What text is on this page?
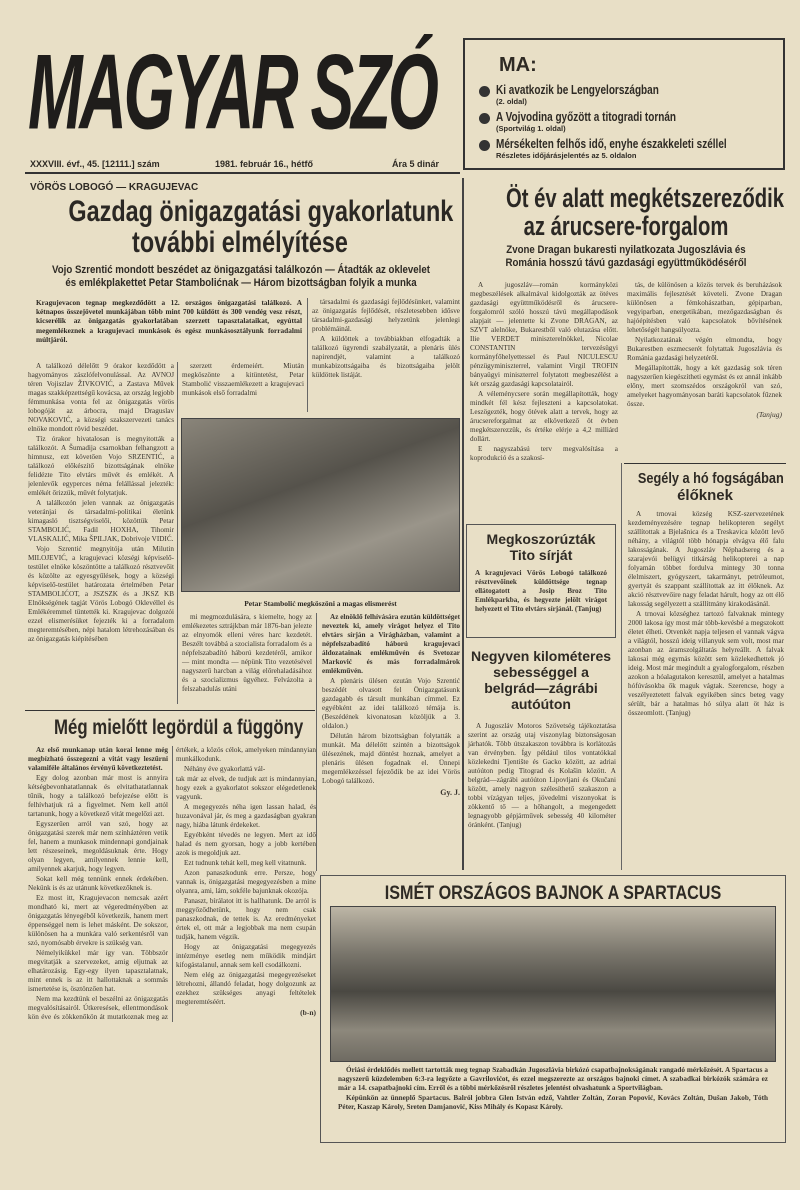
MAGYAR SZÓ	MA:
Ki avatkozik be Lengyelországban
(2. oldal)
A Vojvodina győzött a titogradi tornán
(Sportvilág 1. oldal)
Mérsékelten felhős idő, enyhe északkeleti széllel
Részletes időjárásjelentés az 5. oldalon
XXXVIII. évf., 45. [12111.] szám	1981. február 16., hétfő	Ára 5 dinár
VÖRÖS LOBOGÓ — KRAGUJEVAC
Gazdag önigazgatási gyakorlatunk
további elmélyítése
Vojo Szrentić mondott beszédet az önigazgatási találkozón — Átadták az oklevelet és emlékplakettet Petar Stambolićnak — Három bizottságban folyik a munka
Kragujevacon tegnap megkezdődött a 12. országos önigazgatási találkozó. A kétnapos összejövetel munkájában több mint 700 küldött és 300 vendég vesz részt, kicserélik az önigazgatás gyakorlatában szerzett tapasztalataikat, egyúttal megemlékeznek a kragujevaci munkások és egész munkásosztályunk forradalmi múltjáról.

társadalmi és gazdasági fejlődésünket, valamint az önigazgatás fejlődését, részletesebben idősve társadalmi-gazdasági helyzetünk jelenlegi problémáinál.

A küldöttek a továbbiakban elfogadták a találkozó ügyrendi szabályzatát, a plenáris ülés napirendjét, valamint a találkozó munkabizottságaiba és bizottságaiba jelölt küldöttek listáját.

A találkozó délelőtt 9 órakor kezdődött a hagyományos zászlófelvonulással. Az AVNOJ téren Vojiszlav ŽIVKOVIĆ, a Zastava Művek magas szakképzettségű kovácsa, az ország legjobb fémmunkása vonta fel az önigazgatás vörös lobogóját az árbocra, majd Draguslav NOVAKOVIĆ, a községi szakszervezeti tanács elnöke mondott rövid beszédet.

Tíz órakor hivatalosan is megnyitották a találkozót. A Šumadija csarnokban felhangzott a himnusz, ezt követően Vojo SRZENTIĆ, a találkozó előkészítő bizottságának elnöke felidézte Tito elvtárs művét és emlékét. A jelenlevők egyperces néma felállással jelezték: emlékét őrizzük, művét folytatjuk.

A találkozón jelen vannak az önigazgatás veteránjai és társadalmi-politikai életünk kimagasló tisztségviselői, közöttük Petar STAMBOLIĆ, Fadil HOXHA, Tihomir VLASKALIĆ, Mika ŠPILJAK, Dobrivoje VIDIĆ.

Vojo Szrentić megnyitója után Milutin MILOJEVIĆ, a kragujevaci községi képviselő-testület elnöke köszöntötte a találkozó résztvevőit és közölte az egyesgyűlések, hogy a községi képviselő-testület határozata értelmében Petar STAMBOLIĆOT, a JSZSZK és a JKSZ KB Elnökségének tagját Vörös Lobogó Oklevéllel és Emlékéremmel tüntették ki. Kragujevac dolgozói ezzel elismerésüket fejezték ki a forradalom megteremtésében, népi hatalom létrehozásában és az önigazgatás kiépítésében

szerzett érdemeiért. Miután megköszönte a kitüntetést, Petar Stambolić visszaemlékezett a kragujevaci munkások első forradalmi

Petar Stambolić megköszöni a magas elismerést

mi megmozdulására, s kiemelte, hogy az emlékezetes sztrájkban már 1876-ban jelezte az elnyomók elleni véres harc kezdetét. Beszélt továbbá a szocialista forradalom és a népfelszabadító háború kezdetéről, amikor — mint mondta — népünk Tito vezetésével nagyszerű harcban a világ előrehaladásához és a szocializmus ügyéhez. Felvázolta a felszabadulás utáni

Az elnöklő felhívására ezután küldöttséget neveztek ki, amely virágot helyez el Tito elvtárs sírján a Virágházban, valamint a népfelszabadító háború kragujevaci áldozatainak emlékművén és Svetozar Marković és más forradalmárok emlékművén.

A plenáris ülésen ezután Vojo Szrentić beszédét olvasott fel Önigazgatásunk gazdagabb és társult munkában címmel. Ez egyébként az idei találkozó témája is. (Beszédének kivonatosan közöljük a 3. oldalon.)

Délután három bizottságban folytatták a munkát. Ma délelőtt szintén a bizottságok ülésezének, majd döntést hoznak, amelyet a plenáris ülésen fogadnak el. Ünnepi megemlékezéssel fejeződik be az idei Vörös Lobogó találkozó.

Gy. J.
Öt év alatt megkétszereződik
az árucsere-forgalom
Zvone Dragan bukaresti nyilatkozata Jugoszlávia és Románia hosszú távú gazdasági együttműködéséről

A jugoszláv—román kormányközi megbeszélések alkalmával kidolgozták az ötéves gazdasági együttműködésről és árucsere-forgalomról szóló hosszú távú megállapodások alapjait — jelentette ki Zvone DRAGAN, az SZVT alelnöke, Bukarestből való elutazása előtt. Ilie VERDET miniszterelnökkel, Nicolae CONSTANTIN tervezésügyi kormányfőhelyettessel és Paul NICULESCU pénzügyminiszterrel, valamint Virgil TROFIN bányaügyi miniszterrel folytatott megbeszélést a két ország gazdasági kapcsolatairól.

A véleménycsere során megállapították, hogy mindkét fél kész fejleszteni a kapcsolatokat. Leszögezték, hogy ötévek alatt a tervek, hogy az árucsereforgalmat az elkövetkező öt évben megkétszerezzük, és értéke elérje a 4,2 milliárd dollárt.

E nagyszabású terv megvalósítása a koprodukció és a szakosí-

tás, de különösen a közös tervek és beruházások maximális fejlesztését követeli. Zvone Dragan különösen a fémkohászatban, gépiparban, vegyiparban, energetikában, mezőgazdaságban és hajóépítésben való kapcsolatok bővítésének lehetőségét hangsúlyozta.

Nyilatkozatának végén elmondta, hogy Bukarestben eszmecserét folytattak Jugoszlávia és Románia gazdasági helyzetéről.

Megállapították, hogy a két gazdaság sok téren nagyszerűen kiegészítheti egymást és ez annál inkább előny, mert szomszédos országokról van szó, amelyeket hagyományosan baráti kapcsolatok fűznek össze.

(Tanjug)
Megkoszorúzták
Tito sírját
A kragujevaci Vörös Lobogó találkozó résztvevőinek küldöttsége tegnap ellátogatott a Josip Broz Tito Emlékparkba, és hegyezte jelölt virágot helyezett el Tito elvtárs sírjánál. (Tanjug)
Negyven kilométeres sebességgel a belgrád—zágrábi autóúton

A Jugoszláv Motoros Szövetség tájékoztatása szerint az ország utaj viszonylag biztonságosan járhatók. Több útszakaszon továbbra is korlátozás van érvényben. Így például tilos vontatókkal közlekedni Tjentište és Gacko között, az adriai autóúton pedig Titograd és Kolašin között. A belgrád—zágrábi autóúton Lipovljani és Okučani között, amely nagyon szélesíthető szakaszon a tobbi vízágyan teljes, jövedelmi viszonyokat is zökkentő tő — a hőhangolt, a megengedett legnagyobb gépjárművek sebesség 40 kilométer óránként. (Tanjug)

Segély a hó fogságában
élőknek

A trnovai község KSZ-szervezetének kezdeményezésére tegnap helikopteren segélyt szállítottak a Bjelašnica és a Treskavica között levő néhány, a világtól több hónapja elvágva élő falu lakosságának. A Jugoszláv Néphadsereg és a szarajevói belügyi titkárság helikopterei a nap folyamán többet fordulva mintegy 30 tonna élelmiszert, gyógyszert, takarmányt, petróleumot, gyertyát és szappant szállítottak az itt élőknek. Az akció résztvevőire nagy feladat hárult, hogy az ott élő lakosság segélyezett a szállítmány kirakodásánál.

A trnovai községhez tartozó falvaknak mintegy 2000 lakosa így most már több-kevésbé a megszokott életet élheti. Otvenkét napja teljesen el vannak vágva a világtól, hosszú ideig villanyuk sem volt, most mar azonban az áramszolgáltatás helyreállt. A falvak lakosai még egymás között sem közlekedhettek jó ideig. Most már megindult a gyalogforgalom, részben azokon a hóalagutakon keresztül, amelyet a hatalmas hófúvásokba ők maguk vágtak. Szerencse, hogy a veszélyeztetett falvak egyikében sincs beteg vagy sérült, bár a hatalmas hó súlya alatt öt ház is összeomlott. (Tanjug)

Még mielőtt legördül a függöny

Az első munkanap után korai lenne még megbízható összegezni a vitát vagy leszűrni valamiféle általános érvényű következtetést.

Egy dolog azonban már most is annyira kétségbevonhatatlannak és elvitathatatlannak tűnik, hogy a találkozó befejezése előtt is felhívhatjuk rá a figyelmet. Nem kell attól tartanunk, hogy a következő vitát megelőzi azt.

Egyszerűen arról van szó, hogy az önigazgatási szerek már nem színháztéren vetik fel, hanem a munkasok mindennapi gondjainak lett részeseinek, megoldásuknak érte. Hogy olyan legyen, amilyennek lennie kell, amilyennek akarjuk, hogy legyen.

Sokat kell még tennünk ennek érdekében. Nekünk is és az utánunk következőknek is.

Ez most itt, Kragujevacon nemcsak azért mondható ki, mert az végeredményében az önigazgatás lényegéből következik, hanem mert éppenséggel nem is lehet másként. De sokszor, különösen ha a munkára való serkentésről van szó, nyomósabb érvekre is szükség van.

Némelyikükkel már így van. Többször megvitatják a szervezeket, amig eljutnak az elhatározásig. Egy-egy ilyen tapasztalatnak, mint ennek is az itt hallottaknak a sommás ismertetése is, ösztönzően hat.

Nem ma kezdtünk el beszélni az önigazgatás megvalósításairól. Útkeresések, ellentmondások kön éve és zökkenőkön át mutatkoznak meg az értékek, a közös célok, amelyeken mindannyian munkálkodunk.

Néhány éve gyakorlattá vál-

tak már az elvek, de tudjuk azt is mindannyian, hogy ezek a gyakorlatot sokszor elégedetlenek vagyunk.

A megegyezés néha igen lassan halad, és huzavonával jár, és meg a gazdaságban gyakran nagy, hiába látunk érdekeket.

Egyébként tévedés ne legyen. Mert az idő halad és nem gyorsan, hogy a jobb kertében azok is megoldjuk azt.

Ezt tudnunk tehát kell, meg kell vitatnunk.

Azon panaszkodunk erre. Persze, hogy vannak is, önigazgatási megegyezésben a mine olyanra, ami, lám, sokféle bajunknak okozója.

Panaszt, bírálatot itt is hallhatunk. De arról is meggyőződhetünk, hogy nem csak panaszkodnak, de tettek is. Az eredményeket értek el, ott már a legjobbak ma nem csupán tudják, hanem végzik.

Hogy az önigazgatási megegyezés intézménye esetleg nem működik mindjárt kifogástalanul, annak sem kell csodálkozni.

Nem elég az önigazgatási megegyezéseket létrehozni, állandó feladat, hogy dolgozunk az ezekhez szükséges anyagi feltételek megteremtéséért.

(b-n)
ISMÉT ORSZÁGOS BAJNOK A SPARTACUS

Óriási érdeklődés mellett tartották meg tegnap Szabadkán Jugoszlávia birkózó csapatbajnokságának rangadó mérkőzését. A Spartacus a nagyszerű küzdelemben 6:3-ra legyőzte a Gavrilovićot, és ezzel megszerezte az országos bajnoki címet. A szabadkai birkózók számára ez már a 14. csapatbajnoki cím. Erről és a többi mérkőzésről részletes jelentést olvashatunk a Sportvilágban.

Képünkön az ünneplő Spartacus. Balról jobbra Glen István edző, Vahtler Zoltán, Zoran Popović, Kovács Zoltán, Dušan Jakob, Tóth Péter, Kaszap Károly, Sreten Damjanović, Kiss Mihály és Kopasz Károly.
